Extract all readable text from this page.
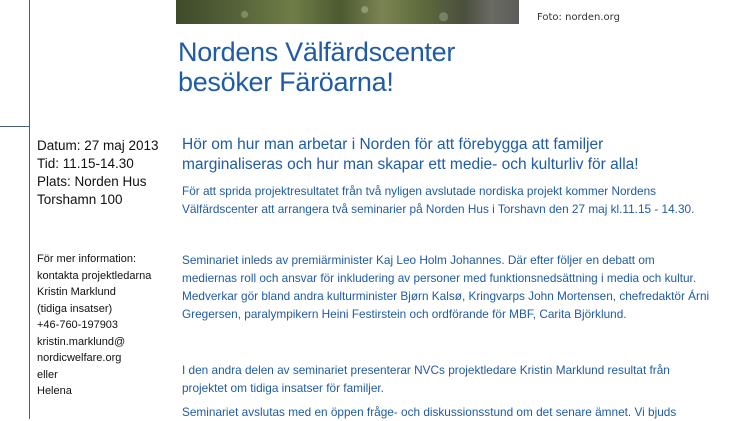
Foto: norden.org
Nordens Välfärdscenter
besöker Färöarna!
Datum: 27 maj 2013
Tid: 11.15-14.30
Plats: Norden Hus
Torshamn 100
För mer information:
kontakta projektledarna
Kristin Marklund
(tidiga insatser)
+46-760-197903
kristin.marklund@
nordicwelfare.org
eller
Helena
Hör om hur man arbetar i Norden för att förebygga att familjer marginaliseras och hur man skapar ett medie- och kulturliv för alla!

För att sprida projektresultatet från två nyligen avslutade nordiska projekt kommer Nordens Välfärdscenter att arrangera två seminarier på Norden Hus i Torshavn den 27 maj kl.11.15 - 14.30.

Seminariet inleds av premiärminister Kaj Leo Holm Johannes. Där efter följer en debatt om mediernas roll och ansvar för inkludering av personer med funktionsnedsättning i media och kultur. Medverkar gör bland andra kulturminister Bjørn Kalsø, Kringvarps John Mortensen, chefredaktör Árni Gregersen, paralympikern Heini Festirstein och ordförande för MBF, Carita Björklund.

I den andra delen av seminariet presenterar NVCs projektledare Kristin Marklund resultat från projektet om tidiga insatser för familjer.

Seminariet avslutas med en öppen fråge- och diskussionsstund om det senare ämnet. Vi bjuds
